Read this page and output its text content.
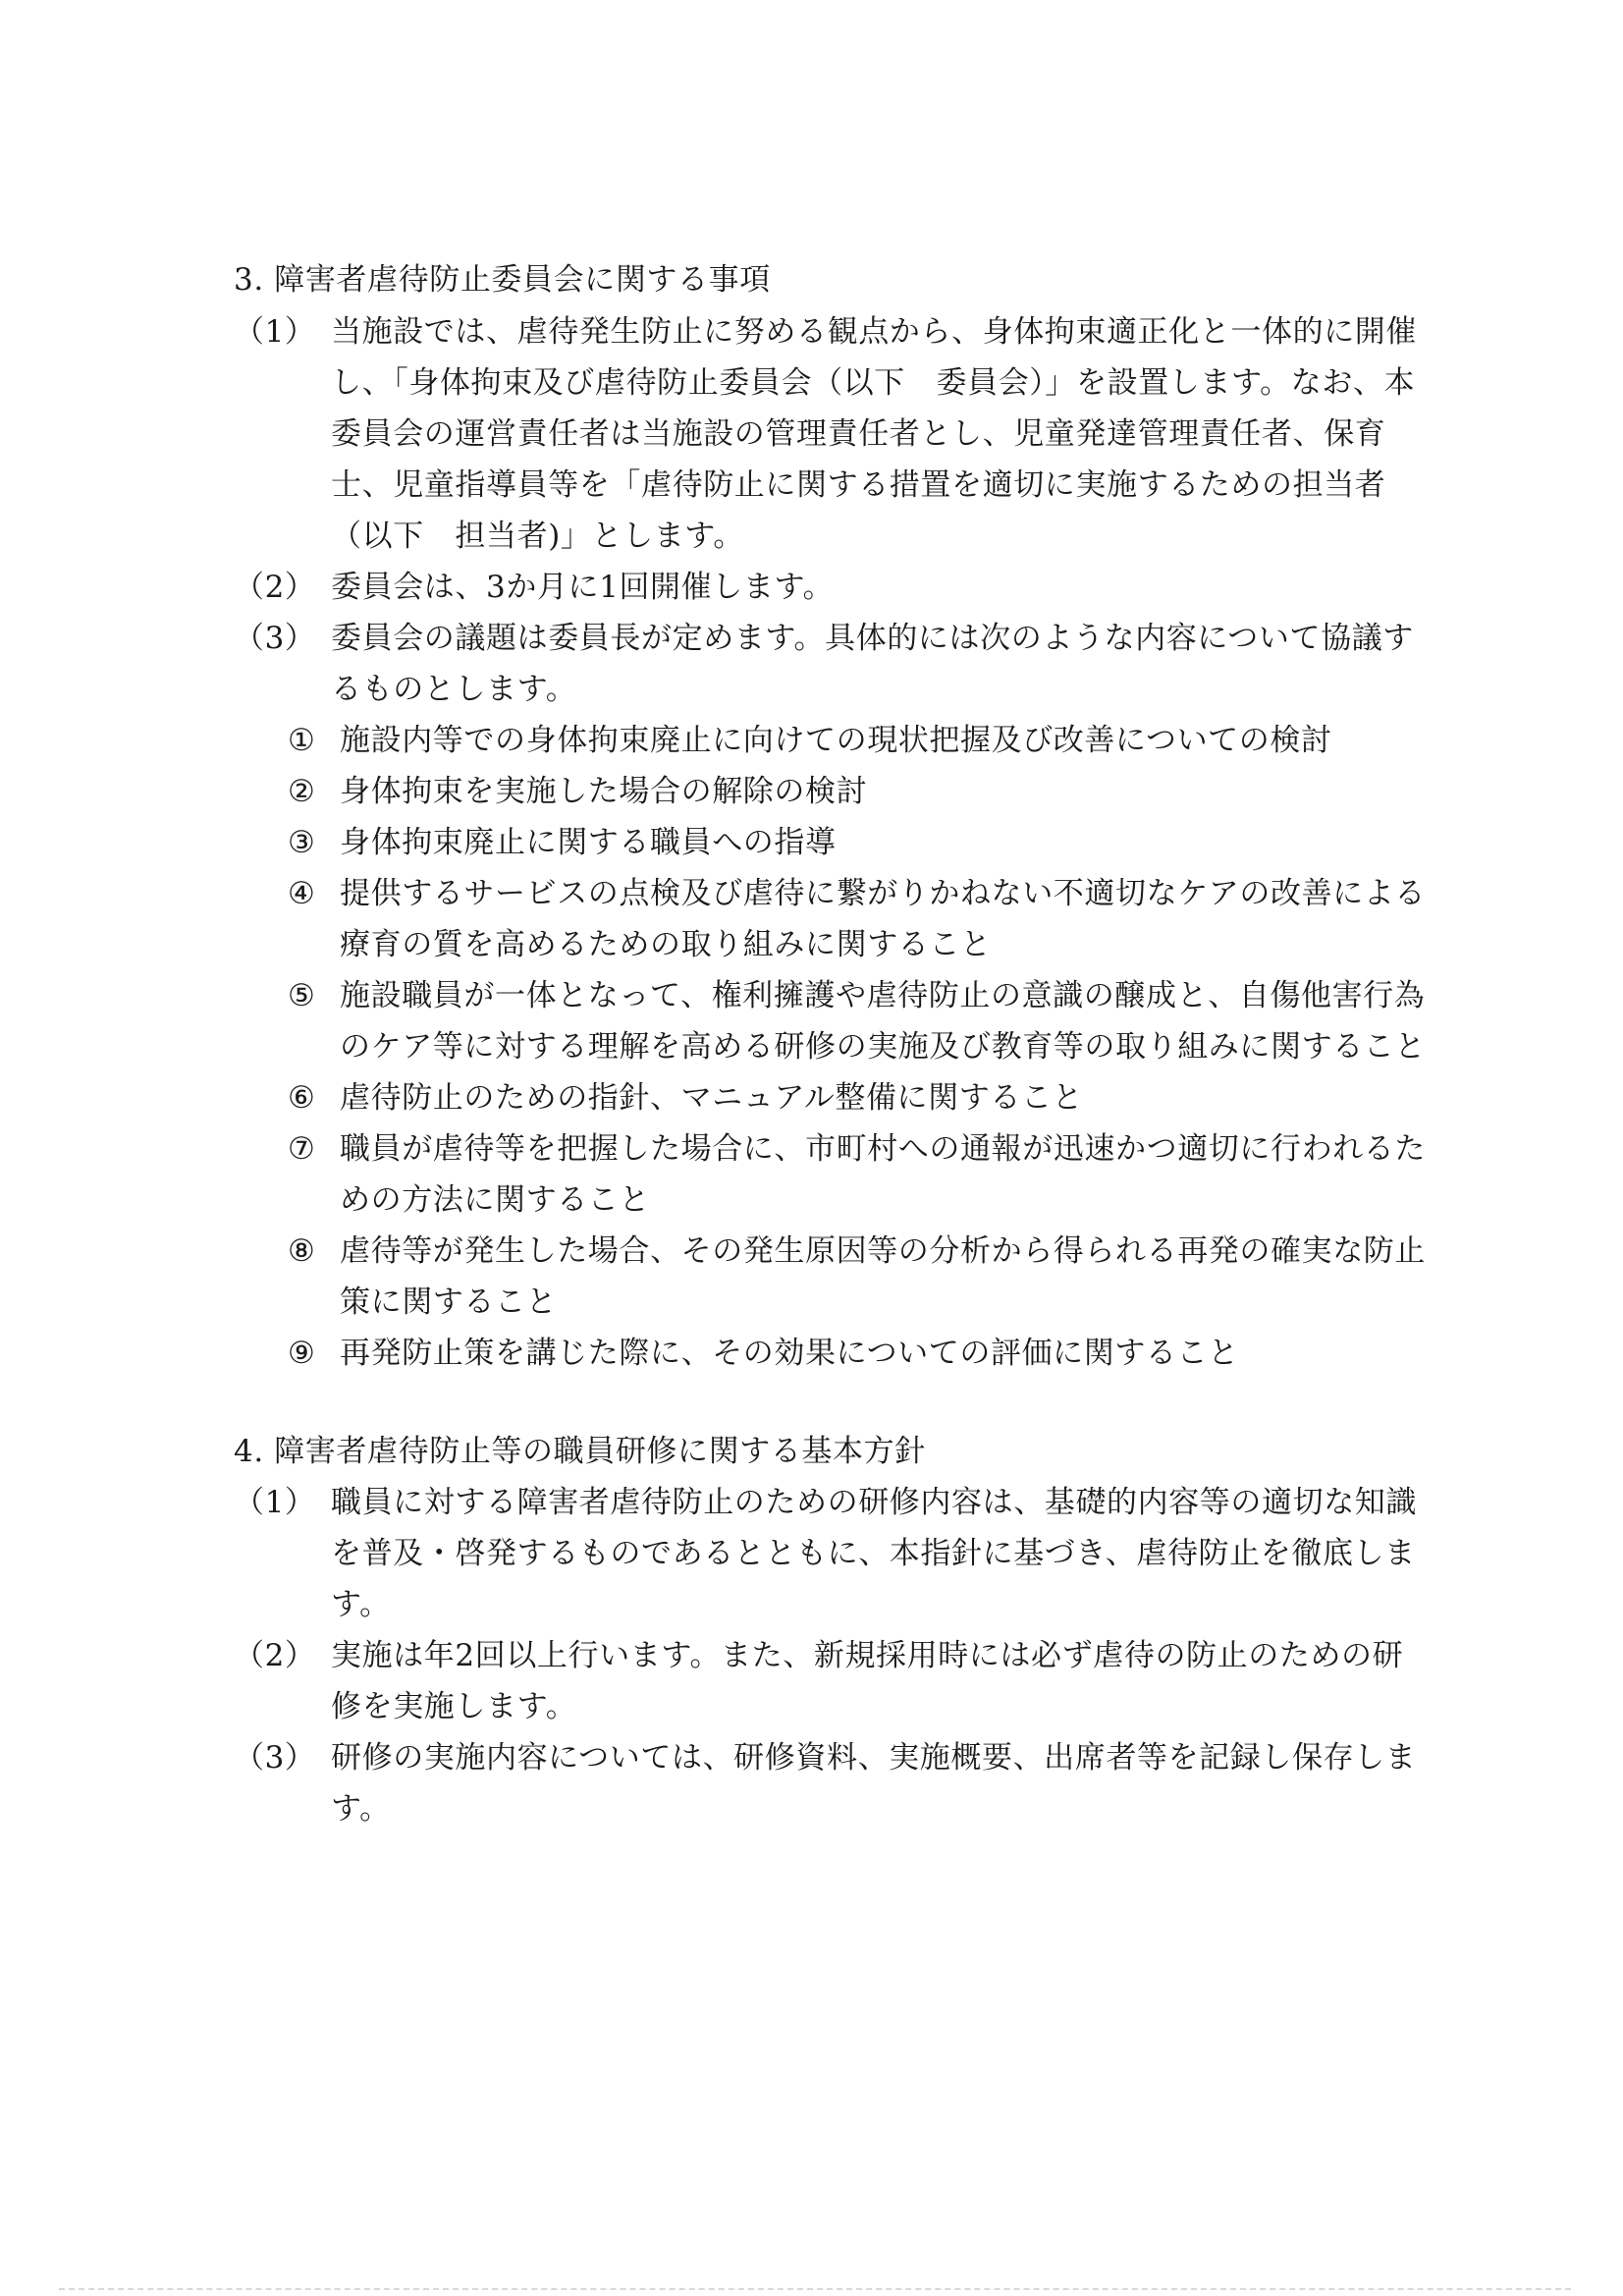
3. 障害者虐待防止委員会に関する事項
（1） 当施設では、虐待発生防止に努める観点から、身体拘束適正化と一体的に開催
し、「身体拘束及び虐待防止委員会（以下　委員会）」を設置します。なお、本
委員会の運営責任者は当施設の管理責任者とし、児童発達管理責任者、保育
士、児童指導員等を「虐待防止に関する措置を適切に実施するための担当者
（以下　担当者)」とします。
（2） 委員会は、3か月に1回開催します。
（3） 委員会の議題は委員長が定めます。具体的には次のような内容について協議す
るものとします。
① 施設内等での身体拘束廃止に向けての現状把握及び改善についての検討
② 身体拘束を実施した場合の解除の検討
③ 身体拘束廃止に関する職員への指導
④ 提供するサービスの点検及び虐待に繋がりかねない不適切なケアの改善による
療育の質を高めるための取り組みに関すること
⑤ 施設職員が一体となって、権利擁護や虐待防止の意識の醸成と、自傷他害行為
のケア等に対する理解を高める研修の実施及び教育等の取り組みに関すること
⑥ 虐待防止のための指針、マニュアル整備に関すること
⑦ 職員が虐待等を把握した場合に、市町村への通報が迅速かつ適切に行われるた
めの方法に関すること
⑧ 虐待等が発生した場合、その発生原因等の分析から得られる再発の確実な防止
策に関すること
⑨ 再発防止策を講じた際に、その効果についての評価に関すること
4. 障害者虐待防止等の職員研修に関する基本方針
（1） 職員に対する障害者虐待防止のための研修内容は、基礎的内容等の適切な知識
を普及・啓発するものであるとともに、本指針に基づき、虐待防止を徹底しま
す。
（2） 実施は年2回以上行います。また、新規採用時には必ず虐待の防止のための研
修を実施します。
（3） 研修の実施内容については、研修資料、実施概要、出席者等を記録し保存しま
す。
